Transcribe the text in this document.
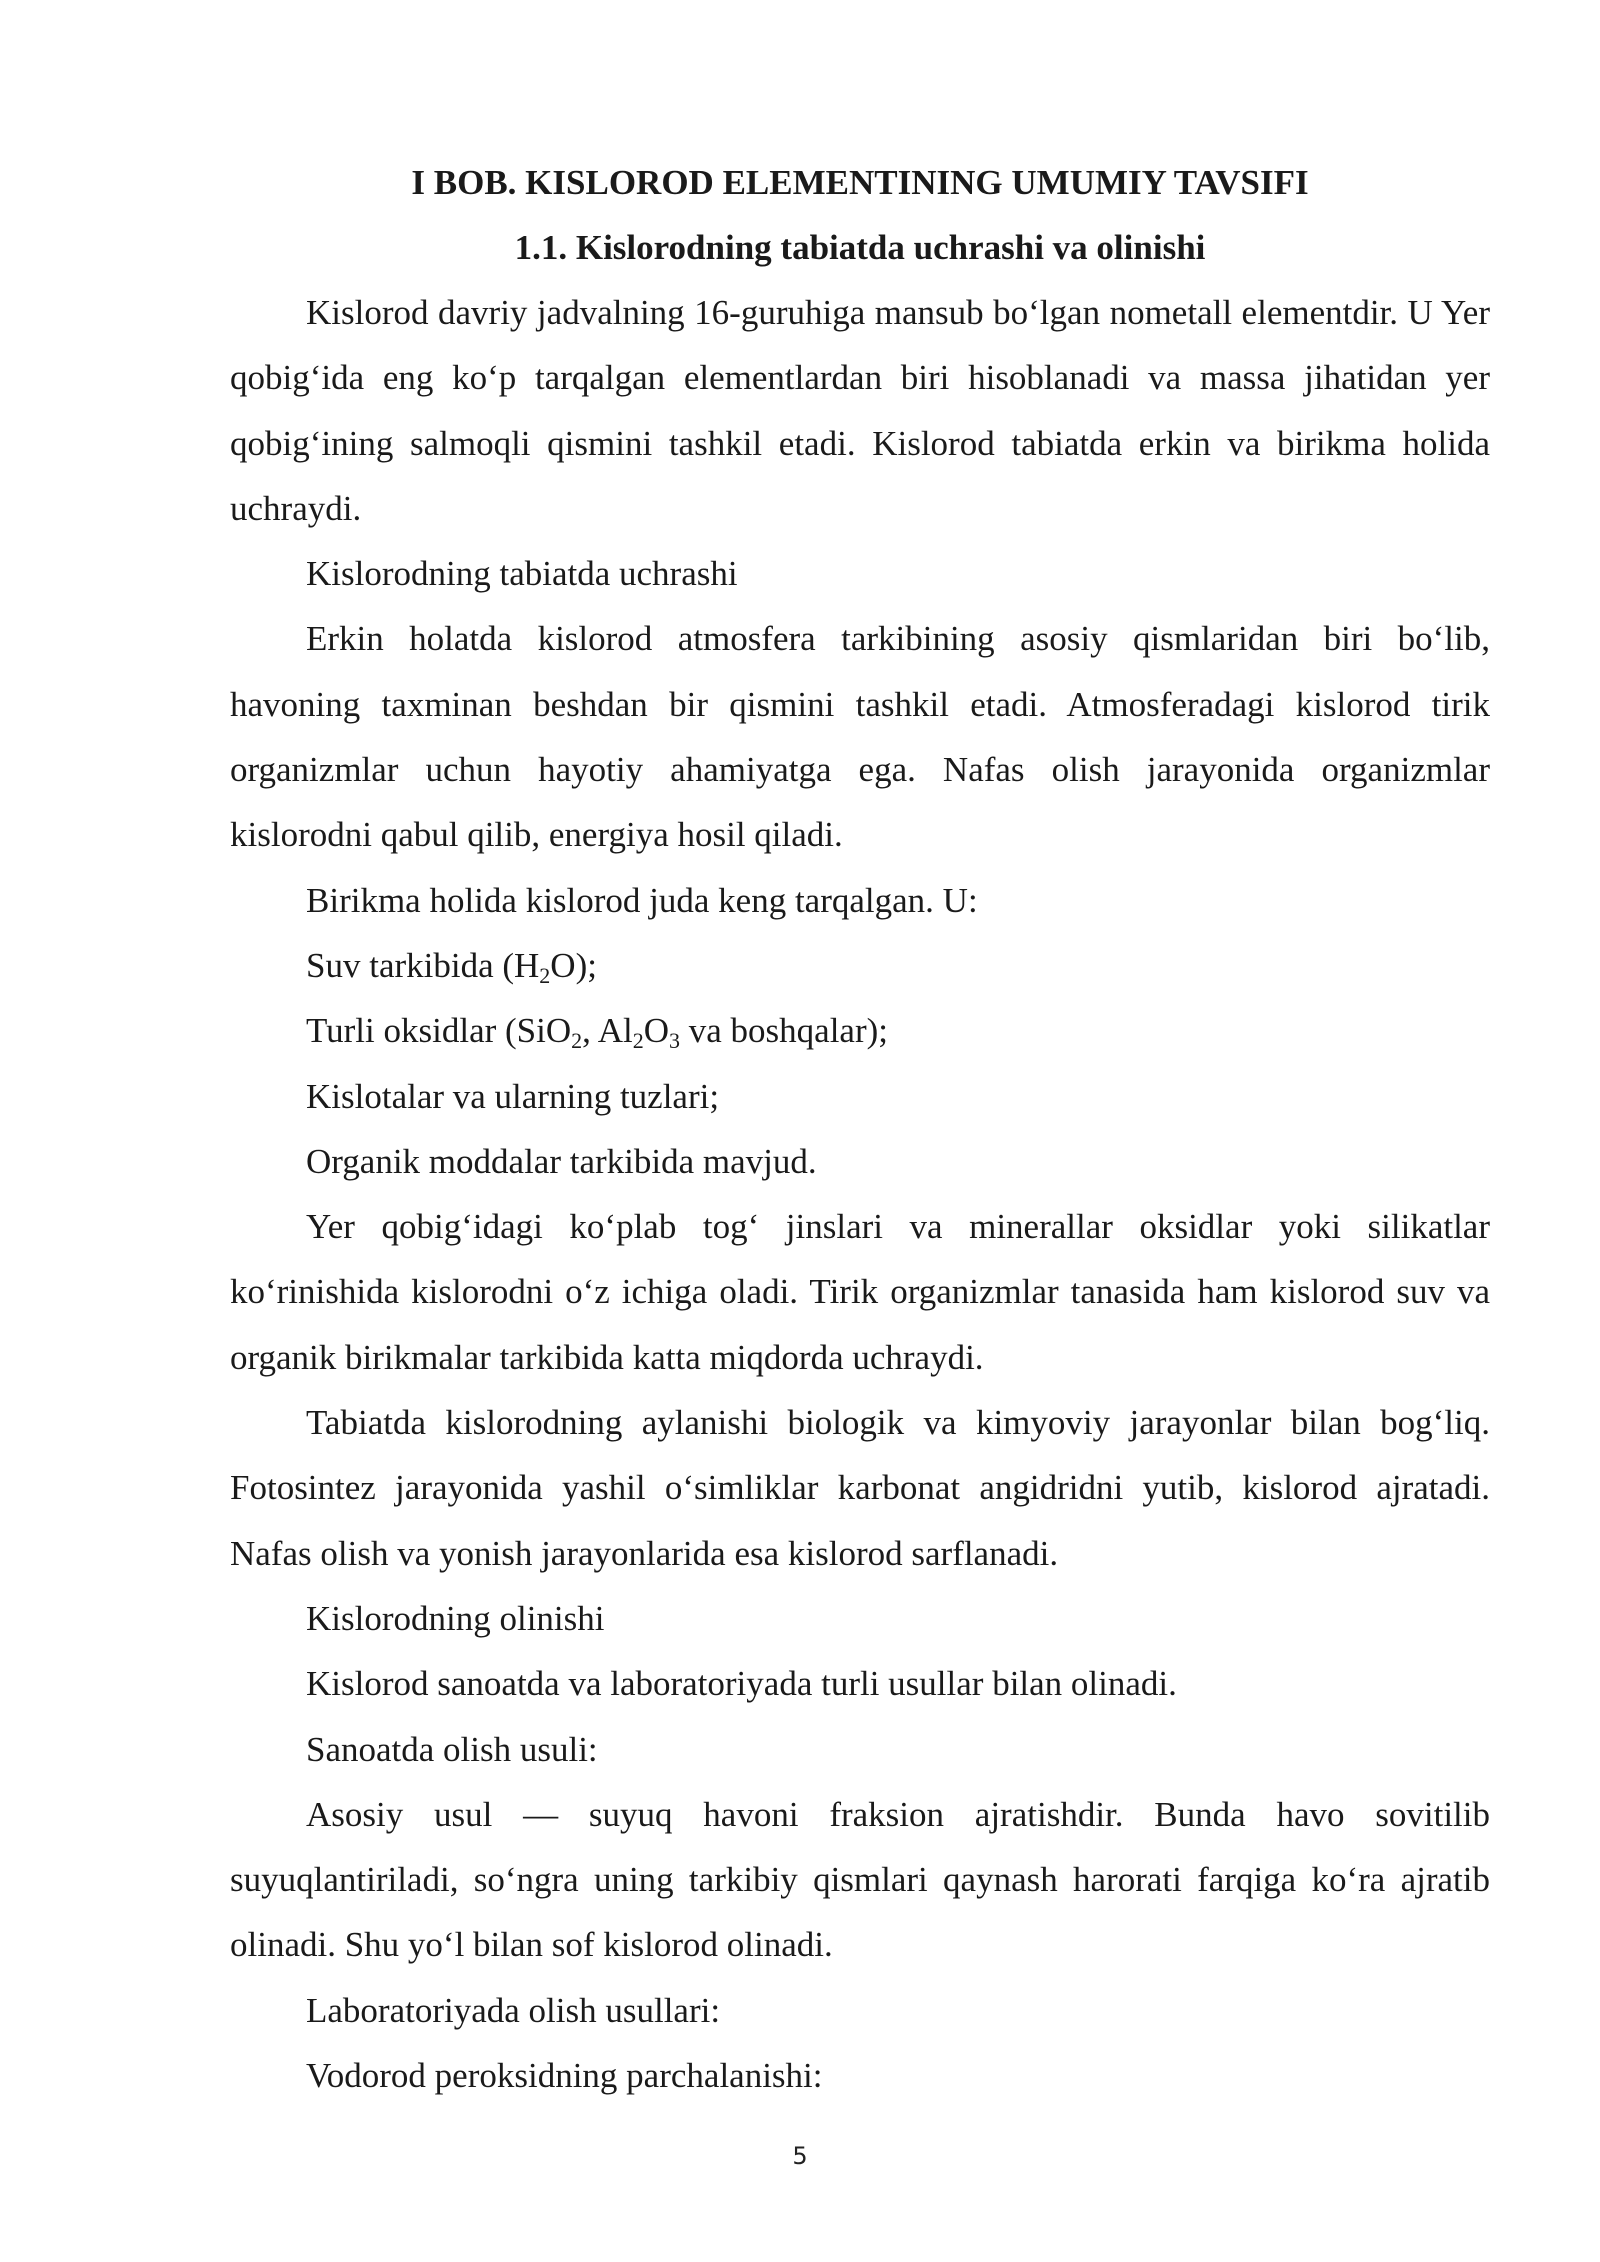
I BOB. KISLOROD ELEMENTINING UMUMIY TAVSIFI

1.1. Kislorodning tabiatda uchrashi va olinishi

Kislorod davriy jadvalning 16-guruhiga mansub bo‘lgan nometall elementdir. U Yer qobig‘ida eng ko‘p tarqalgan elementlardan biri hisoblanadi va massa jihatidan yer qobig‘ining salmoqli qismini tashkil etadi. Kislorod tabiatda erkin va birikma holida uchraydi.

Kislorodning tabiatda uchrashi

Erkin holatda kislorod atmosfera tarkibining asosiy qismlaridan biri bo‘lib, havoning taxminan beshdan bir qismini tashkil etadi. Atmosferadagi kislorod tirik organizmlar uchun hayotiy ahamiyatga ega. Nafas olish jarayonida organizmlar kislorodni qabul qilib, energiya hosil qiladi.

Birikma holida kislorod juda keng tarqalgan. U:

Suv tarkibida $(H_2O)$;

Turli oksidlar (SiO$_2$, $Al_2O_3$ va boshqalar);

Kislotalar va ularning tuzlari;

Organik moddalar tarkibida mavjud.

Yer qobig‘idagi ko‘plab tog‘ jinslari va minerallar oksidlar yoki silikatlar ko‘rinishida kislorodni o‘z ichiga oladi. Tirik organizmlar tanasida ham kislorod suv va organik birikmalar tarkibida katta miqdorda uchraydi.

Tabiatda kislorodning aylanishi biologik va kimyoviy jarayonlar bilan bog‘liq. Fotosintez jarayonida yashil o‘simliklar karbonat angidridni yutib, kislorod ajratadi. Nafas olish va yonish jarayonlarida esa kislorod sarflanadi.

Kislorodning olinishi

Kislorod sanoatda va laboratoriyada turli usullar bilan olinadi.

Sanoatda olish usuli:

Asosiy usul — suyuq havoni fraksion ajratishdir. Bunda havo sovitilib suyuqlantiriladi, so‘ngra uning tarkibiy qismlari qaynash harorati farqiga ko‘ra ajratib olinadi. Shu yo‘l bilan sof kislorod olinadi.

Laboratoriyada olish usullari:

Vodorod peroksidning parchalanishi:

5
